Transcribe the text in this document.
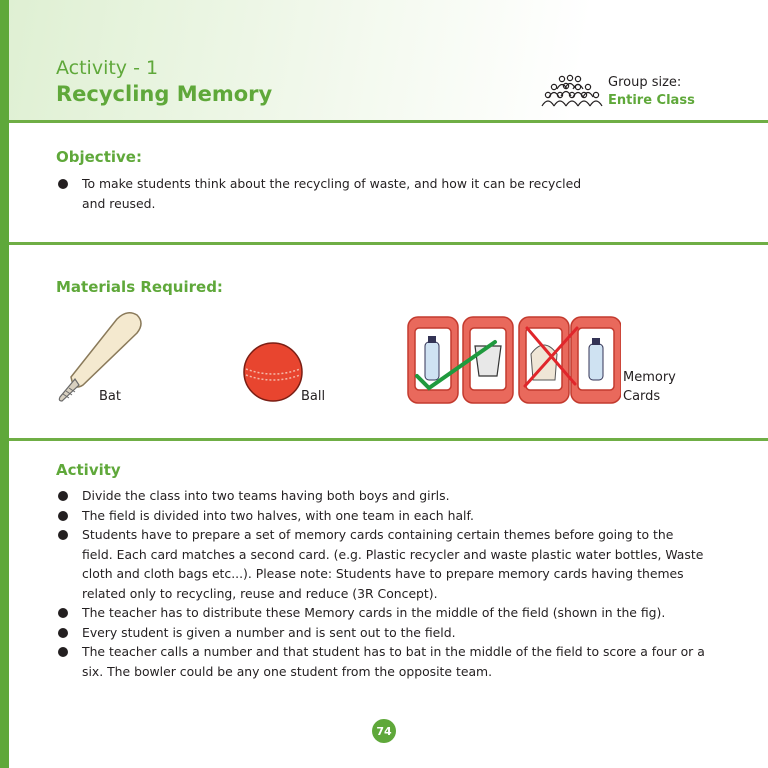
Activity - 1
Recycling Memory	Group size:
Entire Class
Objective:
To make students think about the recycling of waste, and how it can be recycled and reused.
Materials Required:
Bat	Ball
Memory
Cards
Activity
Divide the class into two teams having both boys and girls.
The field is divided into two halves, with one team in each half.
Students have to prepare a set of memory cards containing certain themes before going to the field. Each card matches a second card. (e.g. Plastic recycler and waste plastic water bottles, Waste cloth and cloth bags etc...). Please note: Students have to prepare memory cards having themes related only to recycling, reuse and reduce (3R Concept).
The teacher has to distribute these Memory cards in the middle of the field (shown in the fig).
Every student is given a number and is sent out to the field.
The teacher calls a number and that student has to bat in the middle of the field to score a four or a six. The bowler could be any one student from the opposite team.
74
